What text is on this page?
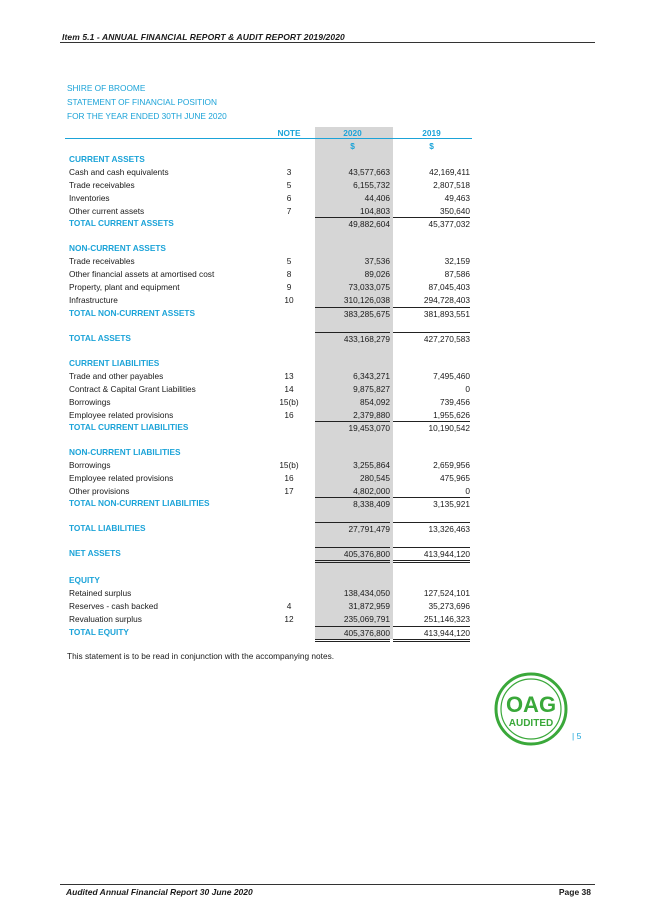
Item 5.1 - ANNUAL FINANCIAL REPORT & AUDIT REPORT 2019/2020
SHIRE OF BROOME
STATEMENT OF FINANCIAL POSITION
FOR THE YEAR ENDED 30TH JUNE 2020
NOTE	2020	2019
$	$
CURRENT ASSETS
Cash and cash equivalents	3	43,577,663	42,169,411
Trade receivables	5	6,155,732	2,807,518
Inventories	6	44,406	49,463
Other current assets	7	104,803	350,640
TOTAL CURRENT ASSETS	49,882,604	45,377,032
NON-CURRENT ASSETS
Trade receivables	5	37,536	32,159
Other financial assets at amortised cost	8	89,026	87,586
Property, plant and equipment	9	73,033,075	87,045,403
Infrastructure	10	310,126,038	294,728,403
TOTAL NON-CURRENT ASSETS	383,285,675	381,893,551
TOTAL ASSETS	433,168,279	427,270,583
CURRENT LIABILITIES
Trade and other payables	13	6,343,271	7,495,460
Contract & Capital Grant Liabilities	14	9,875,827	0
Borrowings	15(b)	854,092	739,456
Employee related provisions	16	2,379,880	1,955,626
TOTAL CURRENT LIABILITIES	19,453,070	10,190,542
NON-CURRENT LIABILITIES
Borrowings	15(b)	3,255,864	2,659,956
Employee related provisions	16	280,545	475,965
Other provisions	17	4,802,000	0
TOTAL NON-CURRENT LIABILITIES	8,338,409	3,135,921
TOTAL LIABILITIES	27,791,479	13,326,463
NET ASSETS	405,376,800	413,944,120
EQUITY
Retained surplus	138,434,050	127,524,101
Reserves - cash backed	4	31,872,959	35,273,696
Revaluation surplus	12	235,069,791	251,146,323
TOTAL EQUITY	405,376,800	413,944,120
This statement is to be read in conjunction with the accompanying notes.
OAG
AUDITED
| 5
Audited Annual Financial Report 30 June 2020	Page 38
